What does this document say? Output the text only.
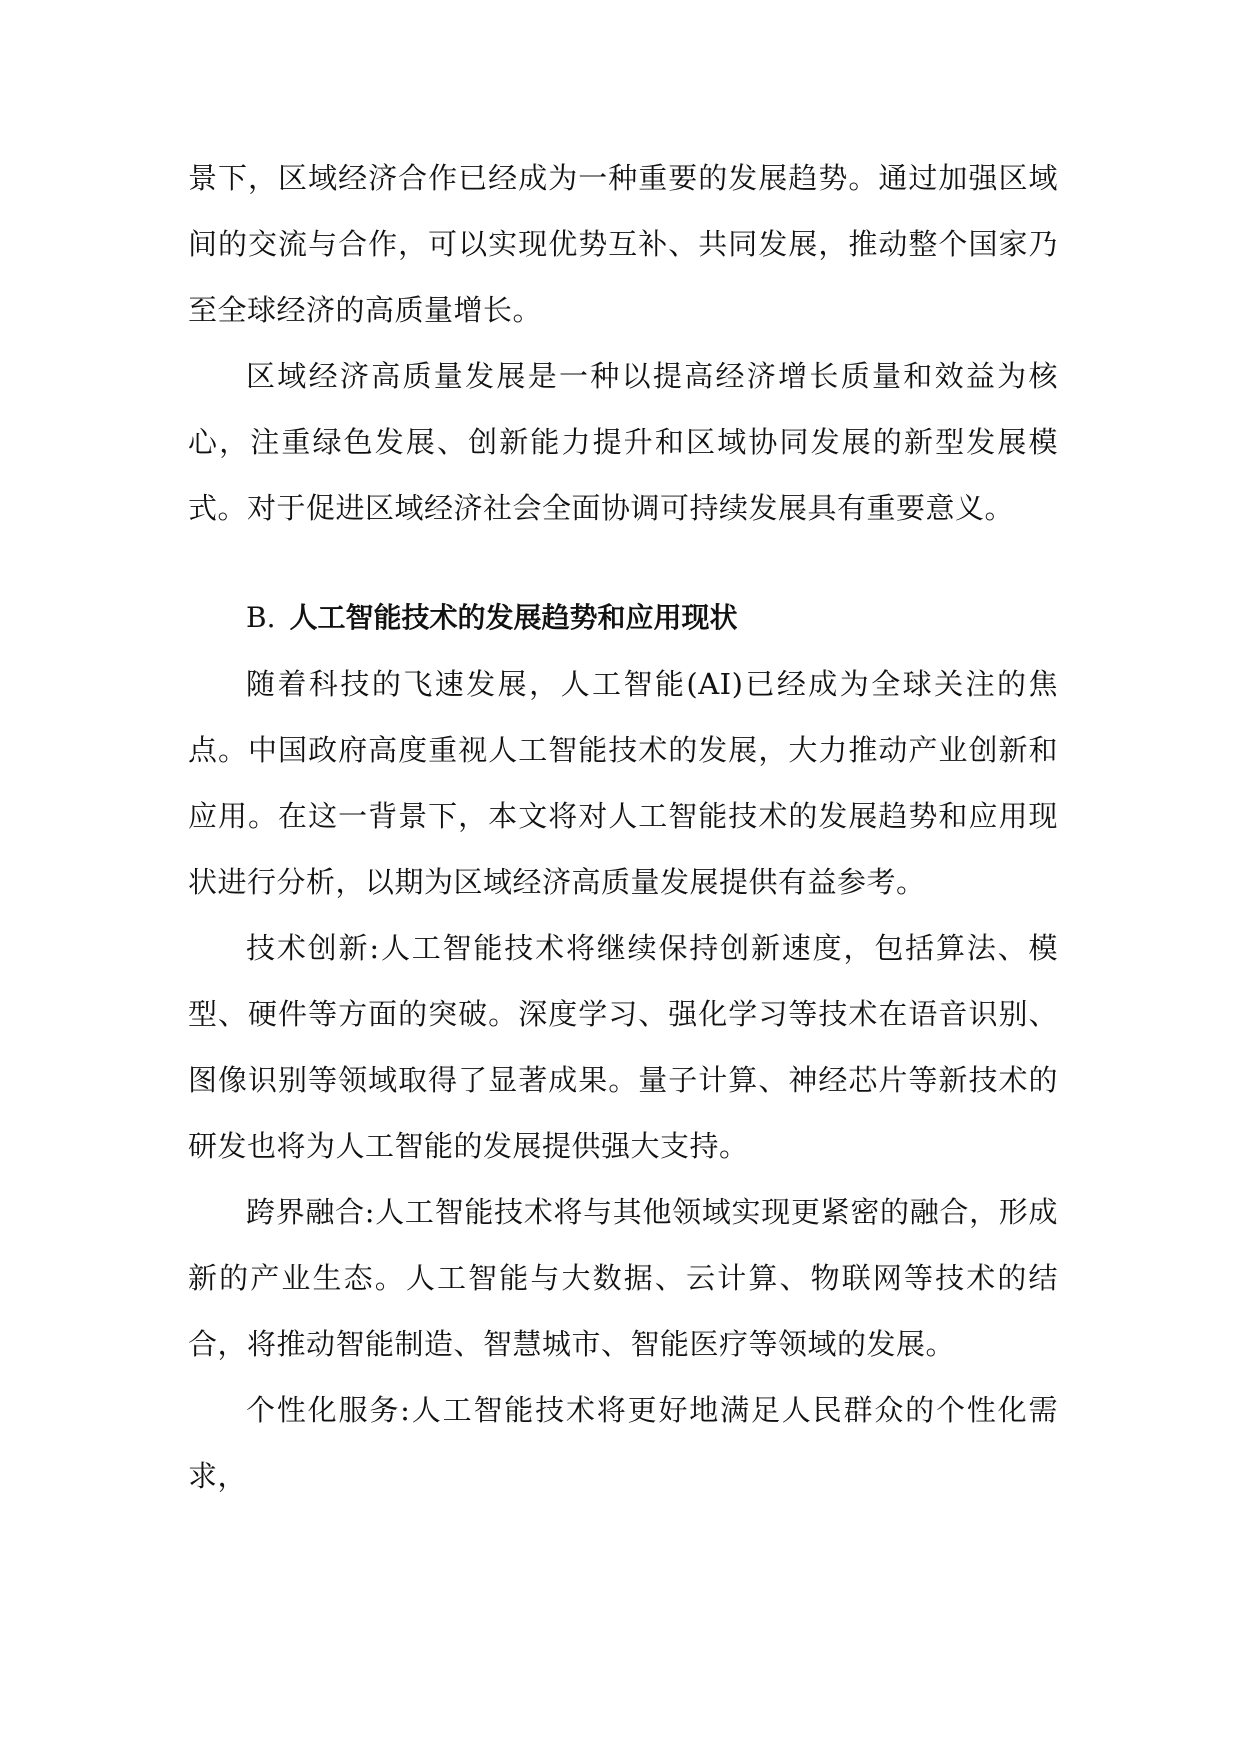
景下，区域经济合作已经成为一种重要的发展趋势。通过加强区域间的交流与合作，可以实现优势互补、共同发展，推动整个国家乃至全球经济的高质量增长。

区域经济高质量发展是一种以提高经济增长质量和效益为核心，注重绿色发展、创新能力提升和区域协同发展的新型发展模式。对于促进区域经济社会全面协调可持续发展具有重要意义。

B. 人工智能技术的发展趋势和应用现状

随着科技的飞速发展，人工智能(AI)已经成为全球关注的焦点。中国政府高度重视人工智能技术的发展，大力推动产业创新和应用。在这一背景下，本文将对人工智能技术的发展趋势和应用现状进行分析，以期为区域经济高质量发展提供有益参考。

技术创新:人工智能技术将继续保持创新速度，包括算法、模型、硬件等方面的突破。深度学习、强化学习等技术在语音识别、图像识别等领域取得了显著成果。量子计算、神经芯片等新技术的研发也将为人工智能的发展提供强大支持。

跨界融合:人工智能技术将与其他领域实现更紧密的融合，形成新的产业生态。人工智能与大数据、云计算、物联网等技术的结合，将推动智能制造、智慧城市、智能医疗等领域的发展。

个性化服务:人工智能技术将更好地满足人民群众的个性化需求，
